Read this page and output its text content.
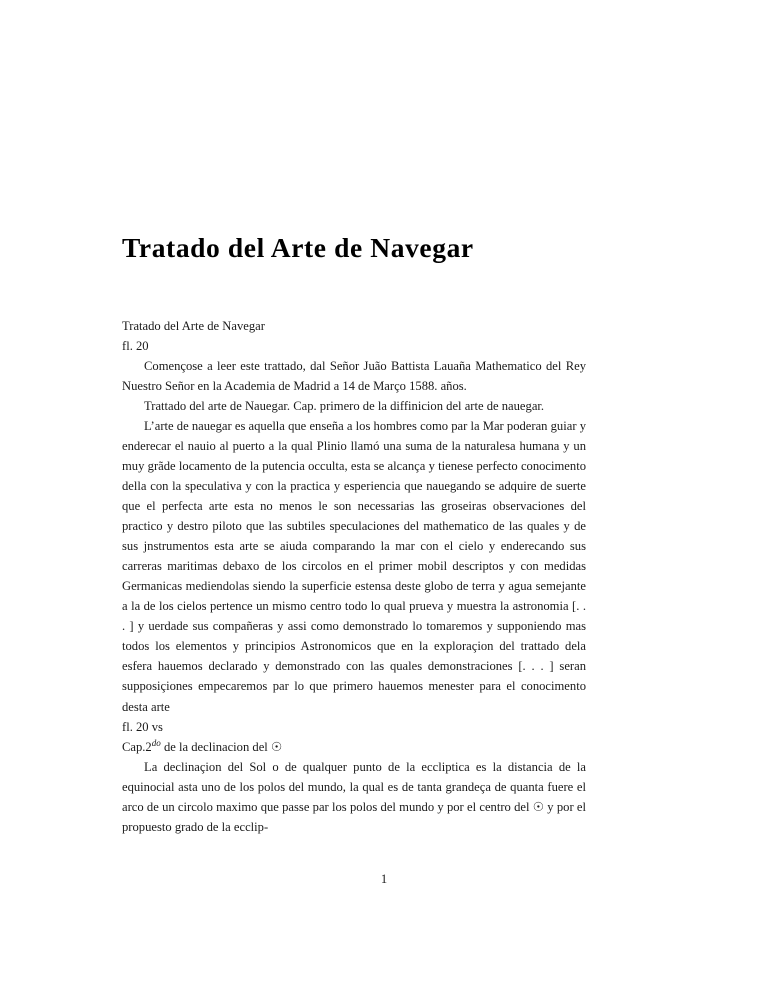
Tratado del Arte de Navegar

Tratado del Arte de Navegar

fl. 20

Començose a leer este trattado, dal Señor Juão Battista Lauaña Mathematico del Rey Nuestro Señor en la Academia de Madrid a 14 de Março 1588. años.

Trattado del arte de Nauegar. Cap. primero de la diffinicion del arte de nauegar.

L’arte de nauegar es aquella que enseña a los hombres como par la Mar poderan guiar y enderecar el nauio al puerto a la qual Plinio llamó una suma de la naturalesa humana y un muy grãde locamento de la putencia occulta, esta se alcança y tienese perfecto conocimento della con la speculativa y con la practica y esperiencia que nauegando se adquire de suerte que el perfecta arte esta no menos le son necessarias las groseiras observaciones del practico y destro piloto que las subtiles speculaciones del mathematico de las quales y de sus jnstrumentos esta arte se aiuda comparando la mar con el cielo y enderecando sus carreras maritimas debaxo de los circolos en el primer mobil descriptos y con medidas Germanicas mediendolas siendo la superficie estensa deste globo de terra y agua semejante a la de los cielos pertence un mismo centro todo lo qual prueva y muestra la astronomia [. . . ] y uerdade sus compañeras y assi como demonstrado lo tomaremos y supponiendo mas todos los elementos y principios Astronomicos que en la exploraçion del trattado dela esfera hauemos declarado y demonstrado con las quales demonstraciones [. . . ] seran supposiçiones empecaremos par lo que primero hauemos menester para el conocimento desta arte

fl. 20 vs

$Cap.2^{do}$ de la declinacion del ☉

La declinaçion del Sol o de qualquer punto de la eccliptica es la distancia de la equinocial asta uno de los polos del mundo, la qual es de tanta grandeça de quanta fuere el arco de un circolo maximo que passe par los polos del mundo y por el centro del ☉ y por el propuesto grado de la ecclip-

1
